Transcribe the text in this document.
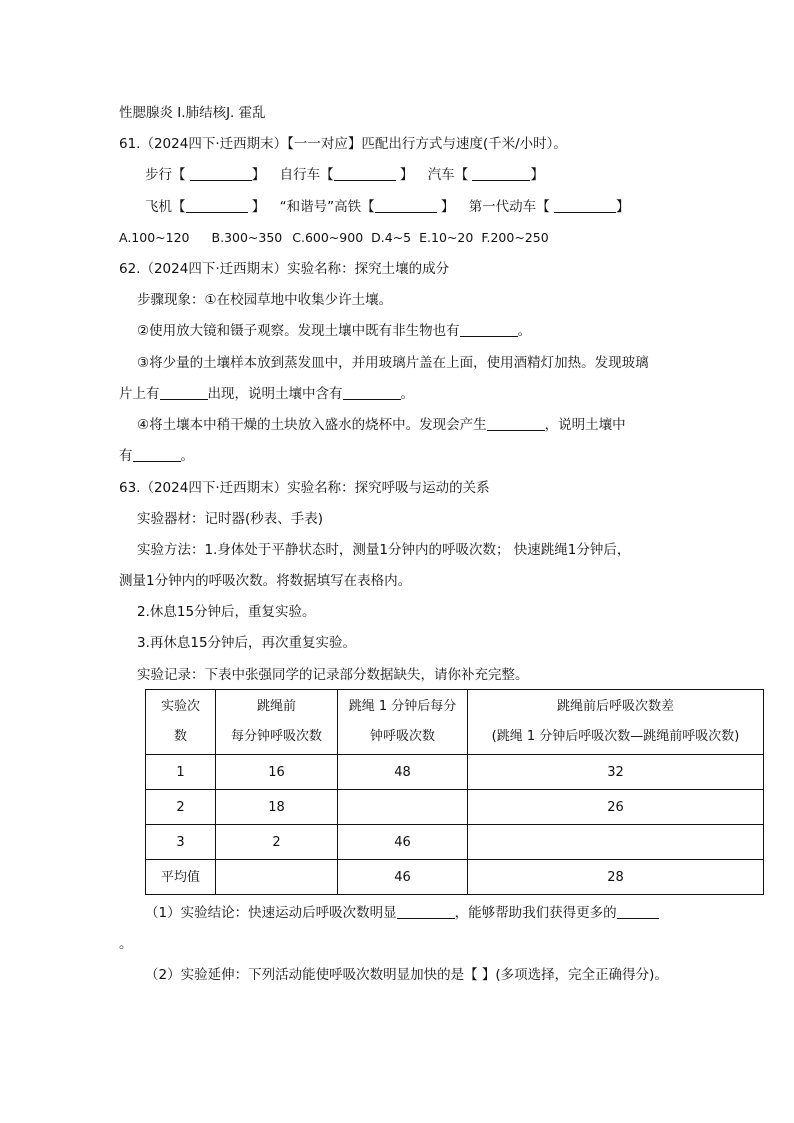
性腮腺炎 I.肺结核J. 霍乱
61.（2024四下·迁西期末）【一一对应】匹配出行方式与速度(千米/小时）。
步行【	】 自行车【	】 汽车【	】
飞机【	】 “和谐号”高铁【	】 第一代动车【	】
A.100~120 B.300~350 C.600~900 D.4~5 E.10~20 F.200~250
62.（2024四下·迁西期末）实验名称：探究土壤的成分
步骤现象：①在校园草地中收集少许土壤。
②使用放大镜和镊子观察。发现土壤中既有非生物也有	。
③将少量的土壤样本放到蒸发皿中，并用玻璃片盖在上面，使用酒精灯加热。发现玻璃
片上有	出现，说明土壤中含有	。
④将土壤本中稍干燥的土块放入盛水的烧杯中。发现会产生	，说明土壤中
有	。
63.（2024四下·迁西期末）实验名称：探究呼吸与运动的关系
实验器材：记时器(秒表、手表)
实验方法：1.身体处于平静状态时，测量1分钟内的呼吸次数； 快速跳绳1分钟后，
测量1分钟内的呼吸次数。将数据填写在表格内。
2.休息15分钟后，重复实验。
3.再休息15分钟后，再次重复实验。
实验记录：下表中张强同学的记录部分数据缺失，请你补充完整。
实验次
数	跳绳前
每分钟呼吸次数	跳绳 1 分钟后每分
钟呼吸次数	跳绳前后呼吸次数差
(跳绳 1 分钟后呼吸次数—跳绳前呼吸次数)

1	16	48	32
2	18		26
3	2	46	
平均值		46	28
（1）实验结论：快速运动后呼吸次数明显	，能够帮助我们获得更多的
。
（2）实验延伸：下列活动能使呼吸次数明显加快的是【 】(多项选择，完全正确得分)。
